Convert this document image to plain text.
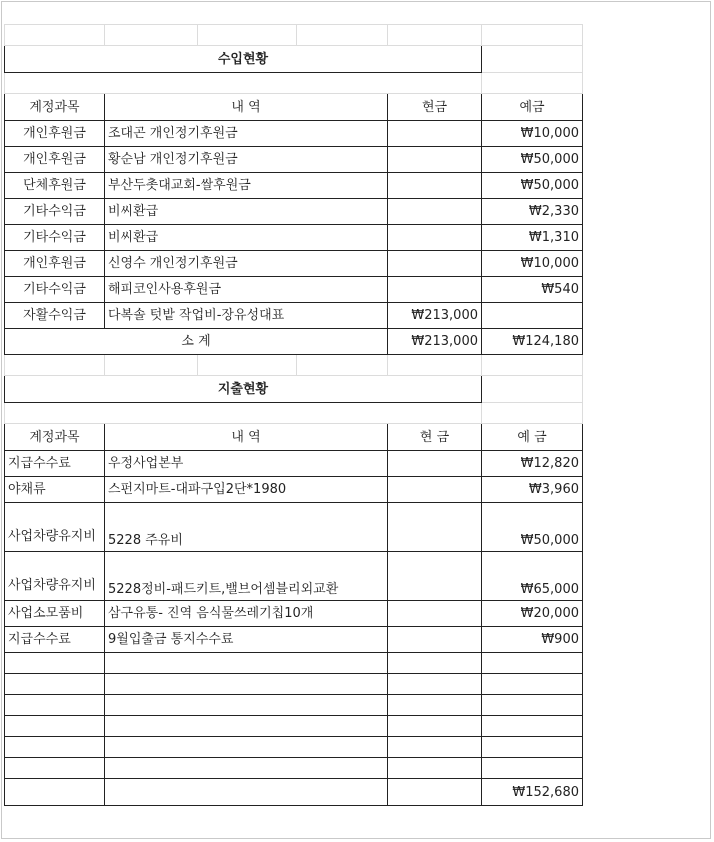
수입현황					

계정과목	내 역			현금	예금
개인후원금	조대곤 개인정기후원금				₩10,000
개인후원금	황순남 개인정기후원금				₩50,000
단체후원금	부산두촛대교회-쌀후원금				₩50,000
기타수익금	비씨환급				₩2,330
기타수익금	비씨환급				₩1,310
개인후원금	신영수 개인정기후원금				₩10,000
기타수익금	해피코인사용후원금				₩540
자활수익금	다복솔 텃밭 작업비-장유성대표			₩213,000	
소 계				₩213,000	₩124,180

지출현황					

계정과목	내 역			현 금	예 금
지급수수료	우정사업본부				₩12,820
야채류	스펀지마트-대파구입2단*1980				₩3,960
사업차량유지비	5228 주유비				₩50,000
사업차량유지비	5228정비-패드키트,밸브어셈블리외교환				₩65,000
사업소모품비	삼구유통- 진역 음식물쓰레기칩10개				₩20,000
지급수수료	9월입출금 통지수수료				₩900

					₩152,680
